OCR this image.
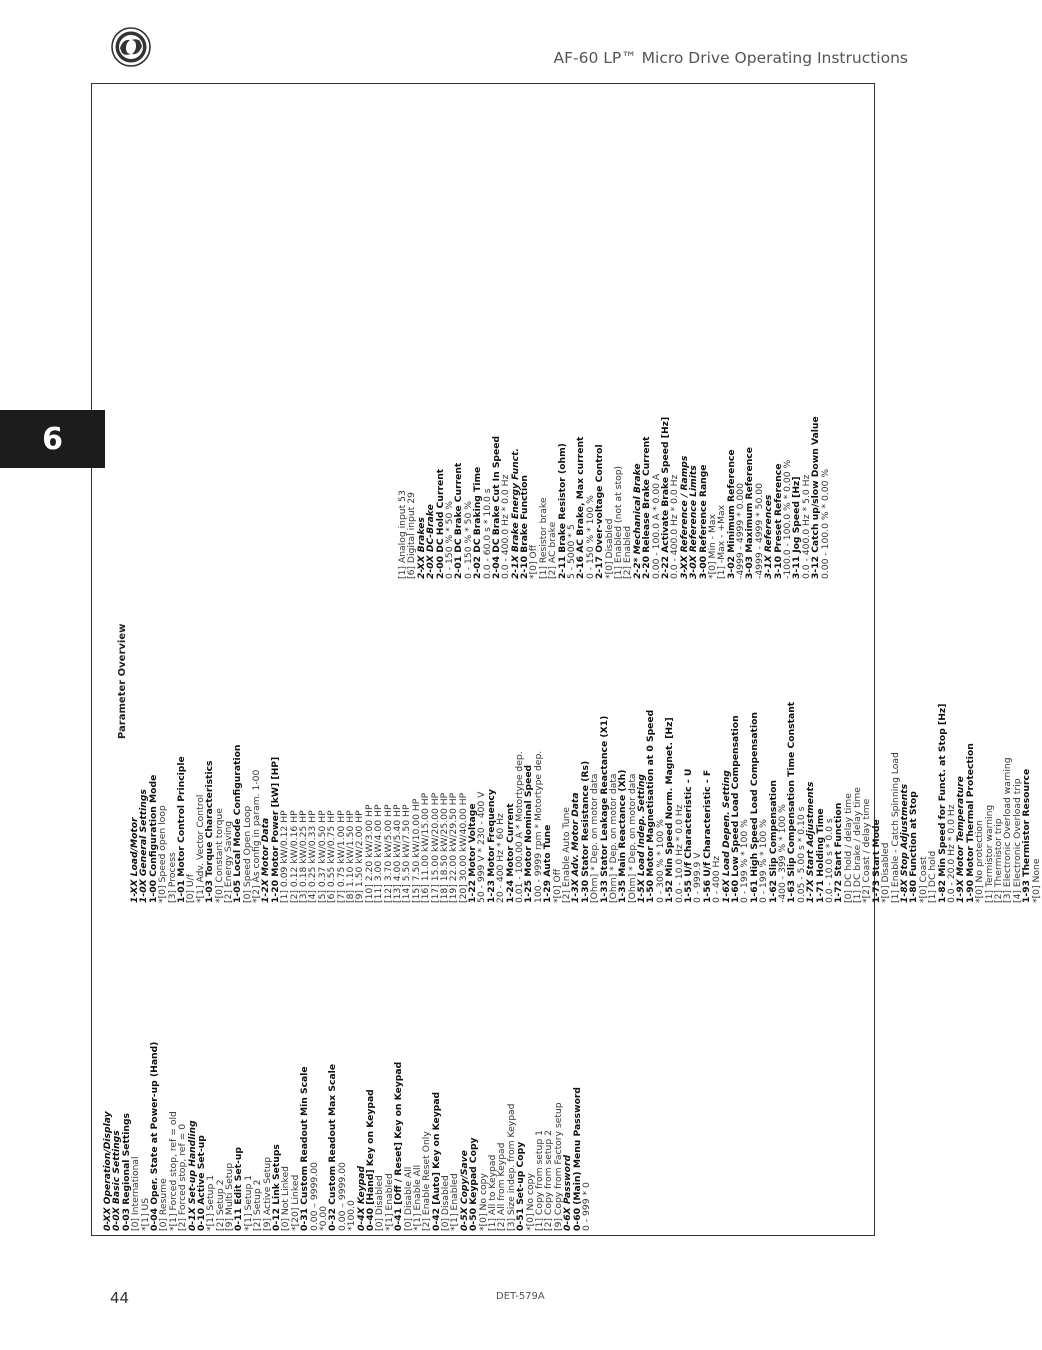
AF-60 LP™ Micro Drive Operating Instructions
6
Parameter Overview
0-XX Operation/Display
0-0X Basic Settings
0-03 Regional Settings
[0] International
*[1] US
0-04 Oper. State at Power-up (Hand)
[0] Resume
*[1] Forced stop, ref = old
[2] Forced stop, ref = 0
0-1X Set-up Handling
0-10 Active Set-up
*[1] Setup 1
[2] Setup 2
[9] Multi Setup
0-11 Edit Set-up
*[1] Setup 1
[2] Setup 2
[9] Active Setup
0-12 Link Setups
[0] Not Linked
*[20] Linked
0-31 Custom Readout Min Scale
0.00 – 9999.00
*0.00
0-32 Custom Readout Max Scale
0.00 – 9999.00
*100.0
0-4X Keypad
0-40 [Hand] Key on Keypad
[0] Disabled
*[1] Enabled
0-41 [Off / Reset] Key on Keypad
[0] Disable All
*[1] Enable All
[2] Enable Reset Only
0-42 [Auto] Key on Keypad
[0] Disabled
*[1] Enabled
0-5X Copy/Save
0-50 Keypad Copy
*[0] No copy
[1] All to Keypad
[2] All from Keypad
[3] Size indep. from Keypad
0-51 Set-up Copy
*[0] No copy
[1] Copy from setup 1
[2] Copy from setup 2
[9] Copy from Factory setup
0-6X Password
0-60 (Main) Menu Password
0 - 999 * 0
1-XX Load/Motor
1-0X General Settings
1-00 Configuration Mode
*[0] Speed open loop
[3] Process
1-01 Motor Control Principle
[0] U/f
*[1] Adv. Vector Control
1-03 Torque Characteristics
*[0] Constant torque
[2] Energy Saving
1-05 Local Mode Configuration
[0] Speed Open Loop
*[2] As config in param. 1-00
1-2X Motor Data
1-20 Motor Power [kW] [HP]
[1] 0.09 kW/0.12 HP
[2] 0.12 kW/0.16 HP
[3] 0.18 kW/0.25 HP
[4] 0.25 kW/0.33 HP
[5] 0.37 kW/0.50 HP
[6] 0.55 kW/0.75 HP
[7] 0.75 kW/1.00 HP
[8] 1.10 kW/1.50 HP
[9] 1.50 kW/2.00 HP
[10] 2.20 kW/3.00 HP
[11] 3.00 kW/4.00 HP
[12] 3.70 kW/5.00 HP
[13] 4.00 kW/5.40 HP
[14] 5.50 kW/7.50 HP
[15] 7.50 kW/10.00 HP
[16] 11.00 kW/15.00 HP
[17] 15.00 kW/20.00 HP
[18] 18.50 kW/25.00 HP
[19] 22.00 kW/29.50 HP
[20] 30.00 kW/40.00 HP
1-22 Motor Voltage
50 - 999 V * 230 - 400 V
1-23 Motor Frequency
20 - 400 Hz * 60 Hz
1-24 Motor Current
0.01 - 100.00 A * Motortype dep.
1-25 Motor Nominal Speed
100 - 9999 rpm * Motortype dep.
1-29 Auto Tune
*[0] Off
[2] Enable Auto Tune
1-3X Adv. Motor Data
1-30 Stator Resistance (Rs)
[Ohm] * Dep. on motor data
1-33 Stator Leakage Reactance (X1)
[Ohm] * Dep. on motor data
1-35 Main Reactance (Xh)
[Ohm] * Dep. on motor data
1-5X Load Indep. Setting
1-50 Motor Magnetisation at 0 Speed
0 - 300 % * 100 %
1-52 Min Speed Norm. Magnet. [Hz]
0.0 - 10.0 Hz * 0.0 Hz
1-55 U/f Characteristic - U
0 - 999.9 V
1-56 U/f Characteristic - F
0 - 400 Hz
1-6X Load Depen. Setting
1-60 Low Speed Load Compensation
0 - 199 % * 100 %
1-61 High Speed Load Compensation
0 - 199 % * 100 %
1-62 Slip Compensation
-400 - 399 % * 100 %
1-63 Slip Compensation Time Constant
0.05 - 5.00 s * 0.10 s
1-7X Start Adjustments
1-71 Holding Time
0.0 - 10.0 s * 0.0 s
1-72 Start Function
[0] DC hold / delay time
[1] DC brake / delay time
*[2] Coast / delay time
1-73 Start Mode
*[0] Disabled
[1] Enable - Catch Spinning Load
1-8X Stop Adjustments
1-80 Function at Stop
*[0] Coast
[1] DC hold
1-82 Min Speed for Funct. at Stop [Hz]
0.0 - 20.0 Hz * 0.0 Hz
1-9X Motor Temperature
1-90 Motor Thermal Protection
*[0] No protection
[1] Termistor warning
[2] Thermistor trip
[3] Electronic Overload warning
[4] Electronic Overload trip
1-93 Thermistor Resource
*[0] None
[1] Analog input 53
[6] Digital input 29
2-XX Brakes
2-0X DC-Brake
2-00 DC Hold Current
0 - 150 % * 50 %
2-01 DC Brake Current
0 - 150 % * 50 %
2-02 DC Braking Time
0.0 - 60.0 s * 10.0 s
2-04 DC Brake Cut In Speed
0.0 - 400.0 Hz * 0.0 Hz
2-1X Brake Energy Funct.
2-10 Brake Function
*[0] Off
[1] Resistor brake
[2] AC brake
2-11 Brake Resistor (ohm)
5 - 5000 * 5
2-16 AC Brake, Max current
0 - 150 % * 100 %
2-17 Over-voltage Control
*[0] Disabled
[1] Enabled (not at stop)
[2] Enabled
2-2* Mechanical Brake
2-20 Release Brake Current
0.00 - 100.0 A * 0.00 A
2-22 Activate Brake Speed [Hz]
0.0 - 400.0 Hz * 0.0 Hz
3-XX Reference / Ramps
3-0X Reference Limits
3-00 Reference Range
*[0] Min - Max
[1] -Max - +Max
3-02 Minimum Reference
-4999 - 4999 * 0.000
3-03 Maximum Reference
-4999 - 4999 * 50.00
3-1X References
3-10 Preset Reference
-100.0 - 100.0 % * 0.00 %
3-11 Jog Speed [Hz]
0.0 - 400.0 Hz * 5.0 Hz
3-12 Catch up/slow Down Value
0.00 - 100.0 % * 0.00 %
44	DET-579A
